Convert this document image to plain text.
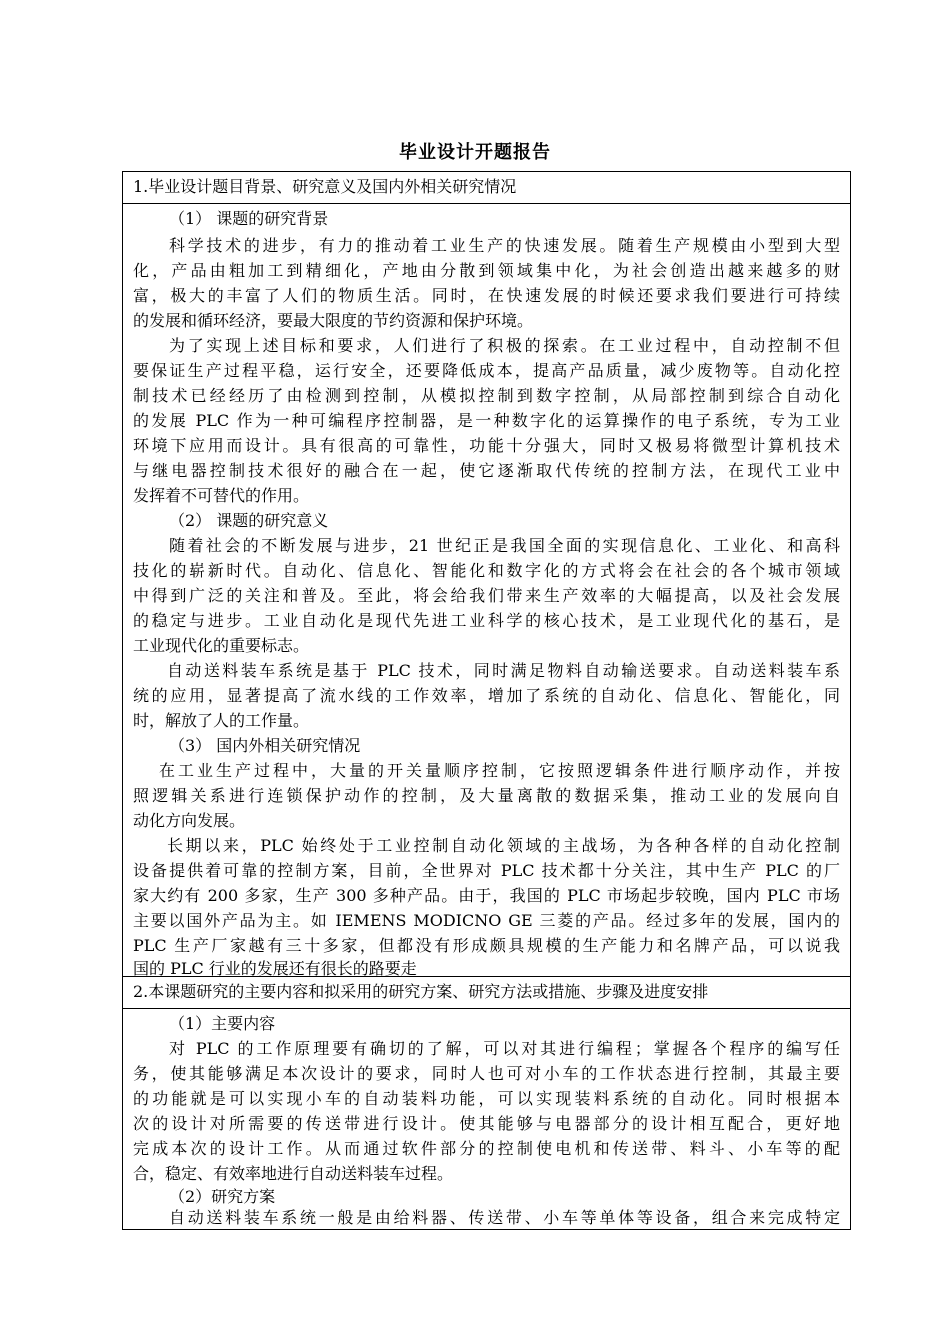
毕业设计开题报告
1.毕业设计题目背景、研究意义及国内外相关研究情况
（1） 课题的研究背景
科学技术的进步，有力的推动着工业生产的快速发展。随着生产规模由小型到大型
化，产品由粗加工到精细化，产地由分散到领域集中化，为社会创造出越来越多的财
富，极大的丰富了人们的物质生活。同时，在快速发展的时候还要求我们要进行可持续
的发展和循环经济，要最大限度的节约资源和保护环境。
为了实现上述目标和要求，人们进行了积极的探索。在工业过程中，自动控制不但
要保证生产过程平稳，运行安全，还要降低成本，提高产品质量，减少废物等。自动化控
制技术已经经历了由检测到控制，从模拟控制到数字控制，从局部控制到综合自动化
的发展 PLC 作为一种可编程序控制器，是一种数字化的运算操作的电子系统，专为工业
环境下应用而设计。具有很高的可靠性，功能十分强大，同时又极易将微型计算机技术
与继电器控制技术很好的融合在一起，使它逐渐取代传统的控制方法，在现代工业中
发挥着不可替代的作用。
（2） 课题的研究意义
随着社会的不断发展与进步，21 世纪正是我国全面的实现信息化、工业化、和高科
技化的崭新时代。自动化、信息化、智能化和数字化的方式将会在社会的各个城市领域
中得到广泛的关注和普及。至此，将会给我们带来生产效率的大幅提高，以及社会发展
的稳定与进步。工业自动化是现代先进工业科学的核心技术，是工业现代化的基石，是
工业现代化的重要标志。
自动送料装车系统是基于 PLC 技术，同时满足物料自动输送要求。自动送料装车系
统的应用，显著提高了流水线的工作效率，增加了系统的自动化、信息化、智能化，同
时，解放了人的工作量。
（3） 国内外相关研究情况
在工业生产过程中，大量的开关量顺序控制，它按照逻辑条件进行顺序动作，并按
照逻辑关系进行连锁保护动作的控制，及大量离散的数据采集，推动工业的发展向自
动化方向发展。
长期以来，PLC 始终处于工业控制自动化领域的主战场，为各种各样的自动化控制
设备提供着可靠的控制方案，目前，全世界对 PLC 技术都十分关注，其中生产 PLC 的厂
家大约有 200 多家，生产 300 多种产品。由于，我国的 PLC 市场起步较晚，国内 PLC 市场
主要以国外产品为主。如 IEMENS MODICNO GE 三菱的产品。经过多年的发展，国内的
PLC 生产厂家越有三十多家，但都没有形成颇具规模的生产能力和名牌产品，可以说我
国的 PLC 行业的发展还有很长的路要走
2.本课题研究的主要内容和拟采用的研究方案、研究方法或措施、步骤及进度安排
（1）主要内容
对 PLC 的工作原理要有确切的了解，可以对其进行编程；掌握各个程序的编写任
务，使其能够满足本次设计的要求，同时人也可对小车的工作状态进行控制，其最主要
的功能就是可以实现小车的自动装料功能，可以实现装料系统的自动化。同时根据本
次的设计对所需要的传送带进行设计。使其能够与电器部分的设计相互配合，更好地
完成本次的设计工作。从而通过软件部分的控制使电机和传送带、料斗、小车等的配
合，稳定、有效率地进行自动送料装车过程。
（2）研究方案
自动送料装车系统一般是由给料器、传送带、小车等单体等设备，组合来完成特定
